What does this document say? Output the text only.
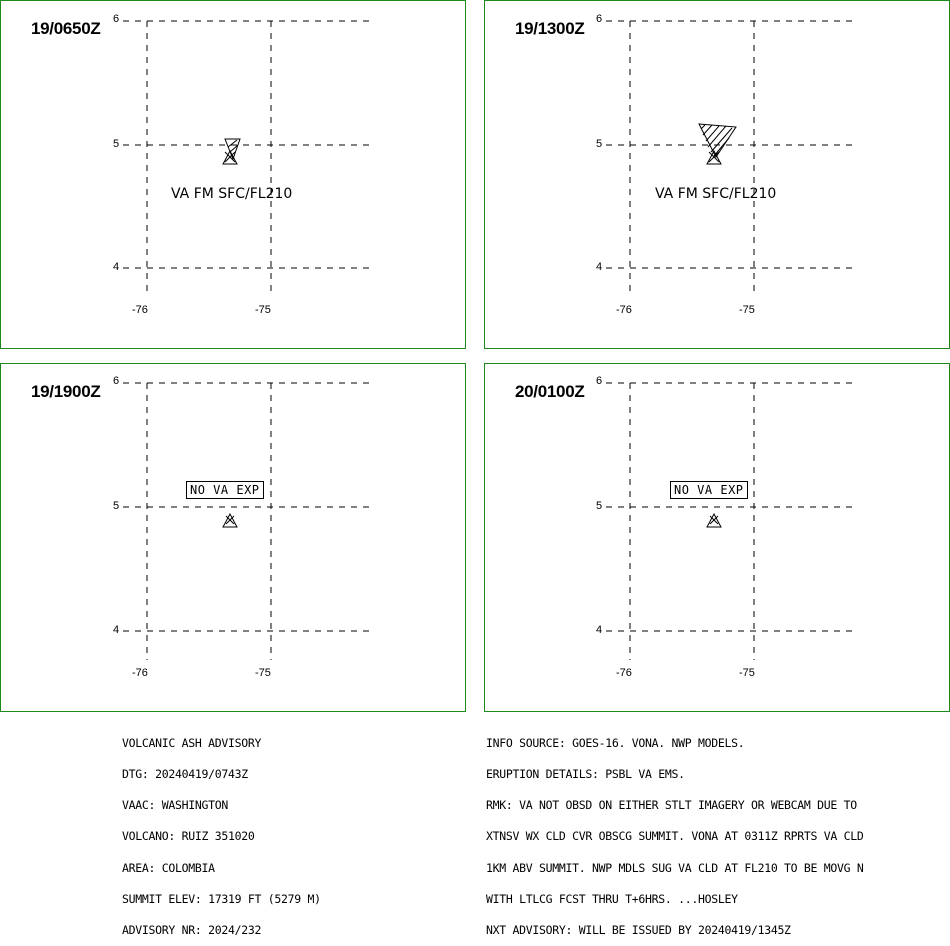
19/0650Z 6
5
4
-76	-75
VA FM SFC/FL210
19/1300Z 6
5
4
-76	-75
VA FM SFC/FL210
19/1900Z
6
5
4
-76	-75
NO VA EXP
20/0100Z
6
5
4
-76	-75
NO VA EXP

VOLCANIC ASH ADVISORY

DTG: 20240419/0743Z

VAAC: WASHINGTON

VOLCANO: RUIZ 351020

AREA: COLOMBIA

SUMMIT ELEV: 17319 FT (5279 M)

ADVISORY NR: 2024/232

INFO SOURCE: GOES-16. VONA. NWP MODELS.

ERUPTION DETAILS: PSBL VA EMS.

RMK: VA NOT OBSD ON EITHER STLT IMAGERY OR WEBCAM DUE TO

XTNSV WX CLD CVR OBSCG SUMMIT. VONA AT 0311Z RPRTS VA CLD

1KM ABV SUMMIT. NWP MDLS SUG VA CLD AT FL210 TO BE MOVG N

WITH LTLCG FCST THRU T+6HRS. ...HOSLEY

NXT ADVISORY: WILL BE ISSUED BY 20240419/1345Z
